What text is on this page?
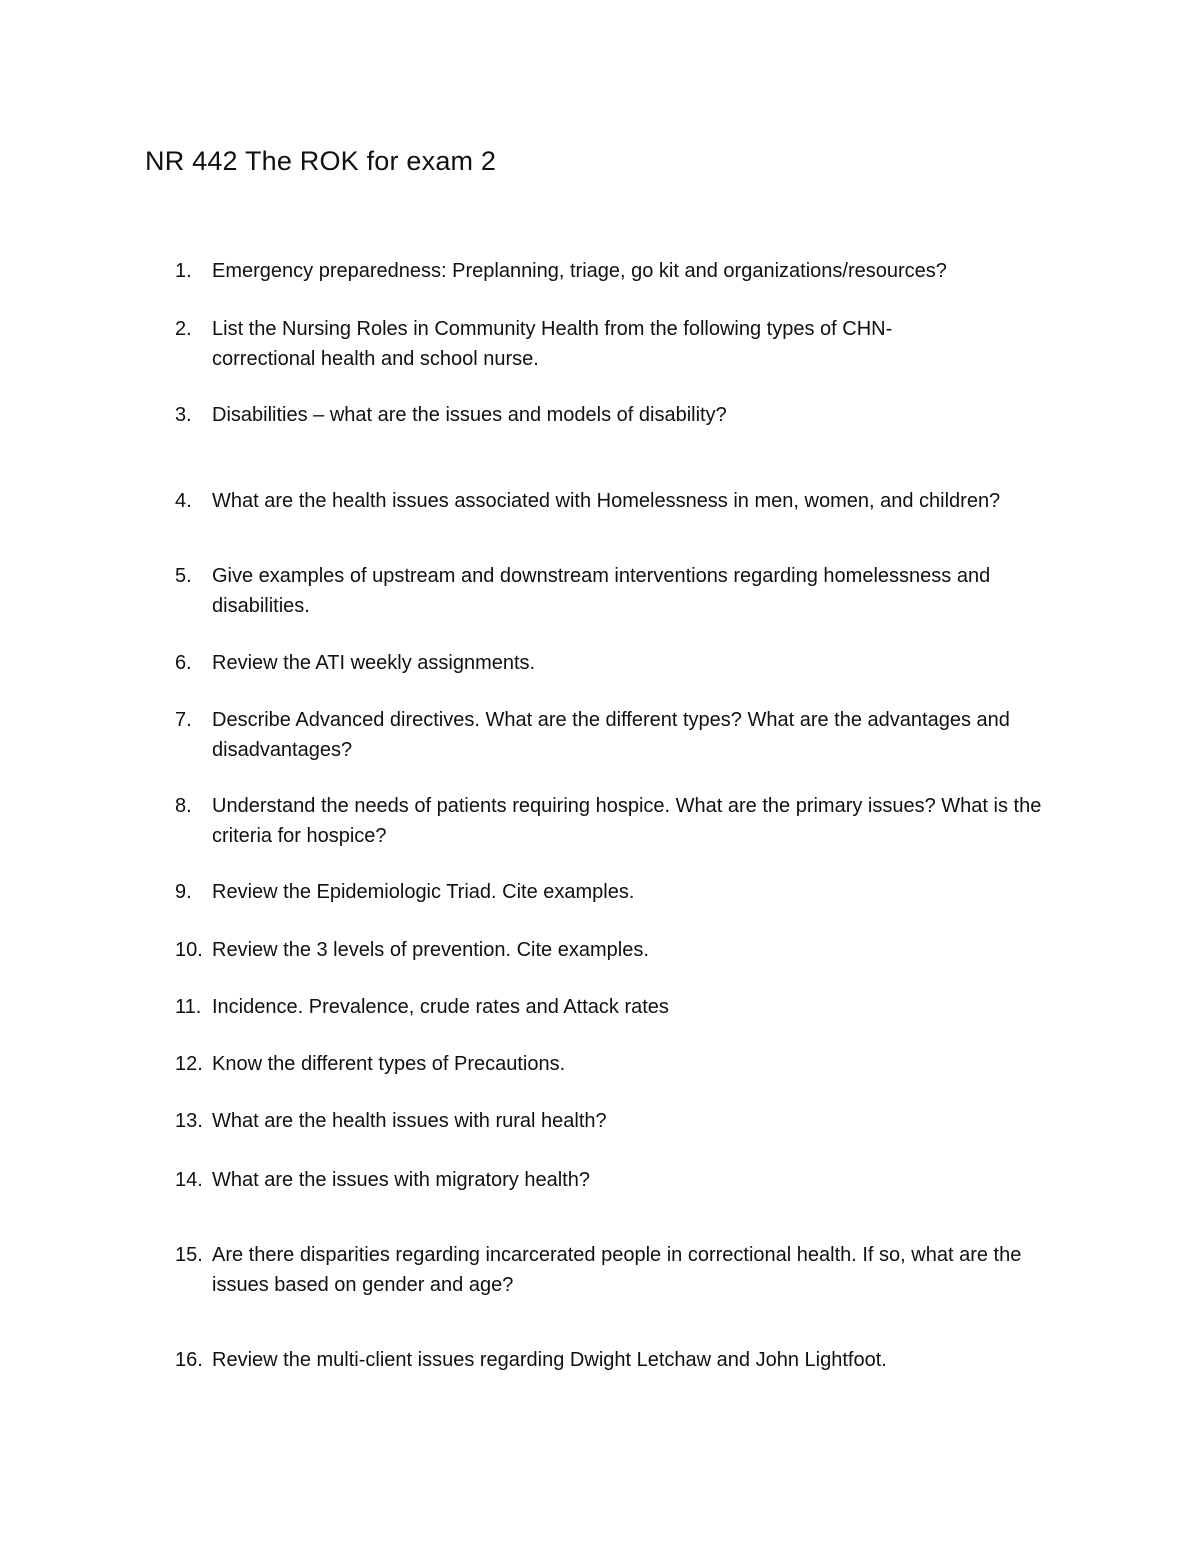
NR 442 The ROK for exam 2
1.	Emergency preparedness: Preplanning, triage, go kit and organizations/resources?
2.	List the Nursing Roles in Community Health from the following types of CHN- correctional health and school nurse.
3.	Disabilities – what are the issues and models of disability?
4.	What are the health issues associated with Homelessness in men, women, and children?
5.	Give examples of upstream and downstream interventions regarding homelessness and disabilities.
6.	Review the ATI weekly assignments.
7.	Describe Advanced directives. What are the different types? What are the advantages and disadvantages?
8.	Understand the needs of patients requiring hospice. What are the primary issues? What is the criteria for hospice?
9.	Review the Epidemiologic Triad. Cite examples.
10. Review the 3 levels of prevention. Cite examples.
11. Incidence. Prevalence, crude rates and Attack rates
12. Know the different types of Precautions.
13. What are the health issues with rural health?
14. What are the issues with migratory health?
15. Are there disparities regarding incarcerated people in correctional health. If so, what are the issues based on gender and age?
16. Review the multi-client issues regarding Dwight Letchaw and John Lightfoot.
